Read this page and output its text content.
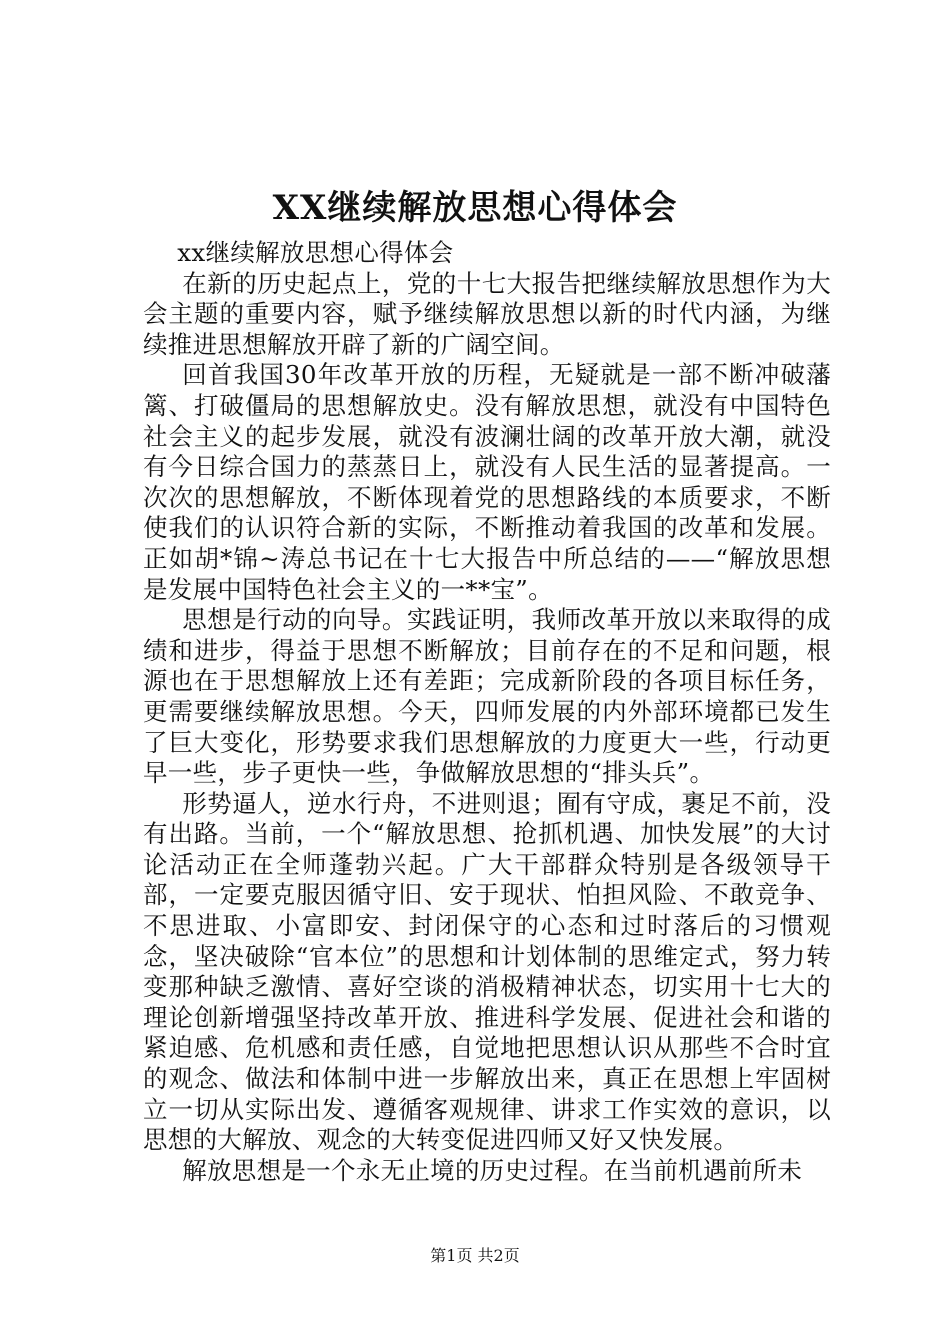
XX继续解放思想心得体会

xx继续解放思想心得体会

在新的历史起点上，党的十七大报告把继续解放思想作为大会主题的重要内容，赋予继续解放思想以新的时代内涵，为继续推进思想解放开辟了新的广阔空间。

回首我国30年改革开放的历程，无疑就是一部不断冲破藩篱、打破僵局的思想解放史。没有解放思想，就没有中国特色社会主义的起步发展，就没有波澜壮阔的改革开放大潮，就没有今日综合国力的蒸蒸日上，就没有人民生活的显著提高。一次次的思想解放，不断体现着党的思想路线的本质要求，不断使我们的认识符合新的实际，不断推动着我国的改革和发展。正如胡*锦~涛总书记在十七大报告中所总结的——“解放思想是发展中国特色社会主义的一**宝”。

思想是行动的向导。实践证明，我师改革开放以来取得的成绩和进步，得益于思想不断解放；目前存在的不足和问题，根源也在于思想解放上还有差距；完成新阶段的各项目标任务，更需要继续解放思想。今天，四师发展的内外部环境都已发生了巨大变化，形势要求我们思想解放的力度更大一些，行动更早一些，步子更快一些，争做解放思想的“排头兵”。

形势逼人，逆水行舟，不进则退；囿有守成，裹足不前，没有出路。当前，一个“解放思想、抢抓机遇、加快发展”的大讨论活动正在全师蓬勃兴起。广大干部群众特别是各级领导干部，一定要克服因循守旧、安于现状、怕担风险、不敢竞争、不思进取、小富即安、封闭保守的心态和过时落后的习惯观念，坚决破除“官本位”的思想和计划体制的思维定式，努力转变那种缺乏激情、喜好空谈的消极精神状态，切实用十七大的理论创新增强坚持改革开放、推进科学发展、促进社会和谐的紧迫感、危机感和责任感，自觉地把思想认识从那些不合时宜的观念、做法和体制中进一步解放出来，真正在思想上牢固树立一切从实际出发、遵循客观规律、讲求工作实效的意识，以思想的大解放、观念的大转变促进四师又好又快发展。

解放思想是一个永无止境的历史过程。在当前机遇前所未

第1页 共2页
